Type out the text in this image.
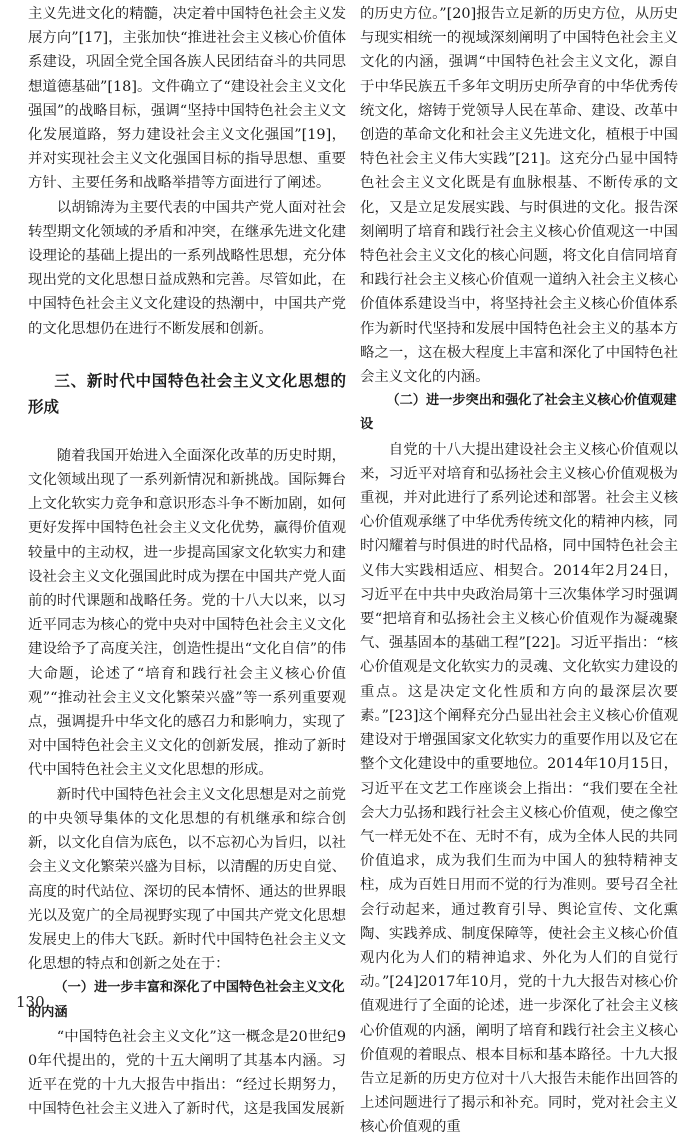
主义先进文化的精髓，决定着中国特色社会主义发展方向”[17]，主张加快“推进社会主义核心价值体系建设，巩固全党全国各族人民团结奋斗的共同思想道德基础”[18]。文件确立了“建设社会主义文化强国”的战略目标，强调“坚持中国特色社会主义文化发展道路，努力建设社会主义文化强国”[19]，并对实现社会主义文化强国目标的指导思想、重要方针、主要任务和战略举措等方面进行了阐述。

以胡锦涛为主要代表的中国共产党人面对社会转型期文化领域的矛盾和冲突，在继承先进文化建设理论的基础上提出的一系列战略性思想，充分体现出党的文化思想日益成熟和完善。尽管如此，在中国特色社会主义文化建设的热潮中，中国共产党的文化思想仍在进行不断发展和创新。

三、新时代中国特色社会主义文化思想的形成

随着我国开始进入全面深化改革的历史时期，文化领域出现了一系列新情况和新挑战。国际舞台上文化软实力竞争和意识形态斗争不断加剧，如何更好发挥中国特色社会主义文化优势，赢得价值观较量中的主动权，进一步提高国家文化软实力和建设社会主义文化强国此时成为摆在中国共产党人面前的时代课题和战略任务。党的十八大以来，以习近平同志为核心的党中央对中国特色社会主义文化建设给予了高度关注，创造性提出“文化自信”的伟大命题，论述了“培育和践行社会主义核心价值观”“推动社会主义文化繁荣兴盛”等一系列重要观点，强调提升中华文化的感召力和影响力，实现了对中国特色社会主义文化的创新发展，推动了新时代中国特色社会主义文化思想的形成。

新时代中国特色社会主义文化思想是对之前党的中央领导集体的文化思想的有机继承和综合创新，以文化自信为底色，以不忘初心为旨归，以社会主义文化繁荣兴盛为目标，以清醒的历史自觉、高度的时代站位、深切的民本情怀、通达的世界眼光以及宽广的全局视野实现了中国共产党文化思想发展史上的伟大飞跃。新时代中国特色社会主义文化思想的特点和创新之处在于：

（一）进一步丰富和深化了中国特色社会主义文化的内涵

“中国特色社会主义文化”这一概念是20世纪90年代提出的，党的十五大阐明了其基本内涵。习近平在党的十九大报告中指出：“经过长期努力，中国特色社会主义进入了新时代，这是我国发展新

的历史方位。”[20]报告立足新的历史方位，从历史与现实相统一的视域深刻阐明了中国特色社会主义文化的内涵，强调“中国特色社会主义文化，源自于中华民族五千多年文明历史所孕育的中华优秀传统文化，熔铸于党领导人民在革命、建设、改革中创造的革命文化和社会主义先进文化，植根于中国特色社会主义伟大实践”[21]。这充分凸显中国特色社会主义文化既是有血脉根基、不断传承的文化，又是立足发展实践、与时俱进的文化。报告深刻阐明了培育和践行社会主义核心价值观这一中国特色社会主义文化的核心问题，将文化自信同培育和践行社会主义核心价值观一道纳入社会主义核心价值体系建设当中，将坚持社会主义核心价值体系作为新时代坚持和发展中国特色社会主义的基本方略之一，这在极大程度上丰富和深化了中国特色社会主义文化的内涵。

（二）进一步突出和强化了社会主义核心价值观建设

自党的十八大提出建设社会主义核心价值观以来，习近平对培育和弘扬社会主义核心价值观极为重视，并对此进行了系列论述和部署。社会主义核心价值观承继了中华优秀传统文化的精神内核，同时闪耀着与时俱进的时代品格，同中国特色社会主义伟大实践相适应、相契合。2014年2月24日，习近平在中共中央政治局第十三次集体学习时强调要“把培育和弘扬社会主义核心价值观作为凝魂聚气、强基固本的基础工程”[22]。习近平指出：“核心价值观是文化软实力的灵魂、文化软实力建设的重点。这是决定文化性质和方向的最深层次要素。”[23]这个阐释充分凸显出社会主义核心价值观建设对于增强国家文化软实力的重要作用以及它在整个文化建设中的重要地位。2014年10月15日，习近平在文艺工作座谈会上指出：“我们要在全社会大力弘扬和践行社会主义核心价值观，使之像空气一样无处不在、无时不有，成为全体人民的共同价值追求，成为我们生而为中国人的独特精神支柱，成为百姓日用而不觉的行为准则。要号召全社会行动起来，通过教育引导、舆论宣传、文化熏陶、实践养成、制度保障等，使社会主义核心价值观内化为人们的精神追求、外化为人们的自觉行动。”[24]2017年10月，党的十九大报告对核心价值观进行了全面的论述，进一步深化了社会主义核心价值观的内涵，阐明了培育和践行社会主义核心价值观的着眼点、根本目标和基本路径。十九大报告立足新的历史方位对十八大报告未能作出回答的上述问题进行了揭示和补充。同时，党对社会主义核心价值观的重

130
